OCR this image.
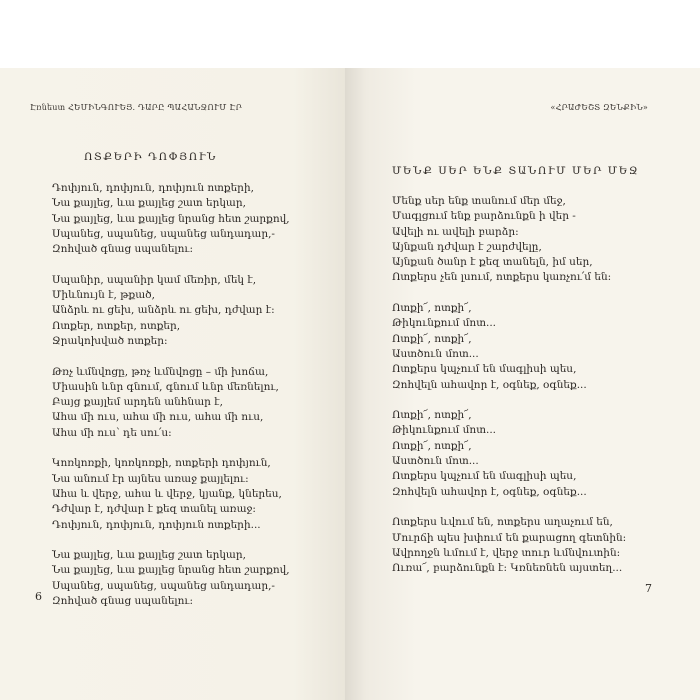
Էռնեստ ՀԵՄԻՆԳՈՒԵՅ. ԴԱՐԸ ՊԱՀԱՆՋՈՒՄ ԷՐ
ՈՏՔԵՐԻ ԴՈՓՅՈՒՆ
Դոփյուն, դոփյուն, դոփյուն ոտքերի,
Նա քայլեց, ևա քայլեց շատ երկար,
Նա քայլեց, ևա քայլեց նրանց հետ շարքով,
Սպանեց, սպանեց, սպանեց անդադար,-
Զոհված գնաց սպանելու:
Սպանիր, սպանիր կամ մեռիր, մեկ է,
Միևնույն է, թքած,
Անձրև ու ցեխ, անձրև ու ցեխ, դժվար է:
Ոտքեր, ոտքեր, ոտքեր,
Ջրակոխված ոտքեր:
Թռչ ևմնվոցը, թռչ ևմնվոցը – մի խոճա,
Միասին ևնր գնում, գնում ևնր մեռնելու,
Բայց քայլեմ արդեն անհնար է,
Ահա մի ուս, ահա մի ուս, ահա մի ուս,
Ահա մի ուս՝ դե սու՛ս:
Կոռկոռքի, կոռկոռքի, ոտքերի դոփյուն,
Նա անում էր այնես առաջ քայլելու:
Ահա և վերջ, ահա և վերջ, կյանք, կներես,
Դժվար է, դժվար է քեզ տանել առաջ:
Դոփյուն, դոփյուն, դոփյուն ոտքերի...
Նա քայլեց, ևա քայլեց շատ երկար,
Նա քայլեց, ևա քայլեց նրանց հետ շարքով,
Սպանեց, սպանեց, սպանեց անդադար,-
Զոհված գնաց սպանելու:
6
«ՀՐԱԺԵՇՏ ԶԵՆՔԻՆ»
ՄԵՆՔ ՍԵՐ ԵՆՔ ՏԱՆՈՒՄ ՄԵՐ ՄԵՋ
Մենք սեր ենք տանում մեր մեջ,
Մագլցում ենք բարձունքն ի վեր -
Ավելի ու ավելի բարձր:
Այնքան դժվար է շարժվելը,
Այնքան ծանր է քեզ տանելն, իմ սեր,
Ոտքերս չեն լսում, ոտքերս կառչու՛մ են:
Ոտքի՜, ոտքի՜,
Թիկունքում մոտ...
Ոտքի՜, ոտքի՜,
Աստծուն մոտ...
Ոտքերս կպչում են մագլիսի պես,
Զոհվելն ահավոր է, օգնեք, օգնեք...
Ոտքի՜, ոտքի՜,
Թիկունքում մոտ...
Ոտքի՜, ոտքի՜,
Աստծուն մոտ...
Ոտքերս կպչում են մագլիսի պես,
Զոհվելն ահավոր է, օգնեք, օգնեք...
Ոտքերս ևվում են, ոտքերս աղաչում են,
Մուրճի պես խփում են քարացող գետնին:
Ավրողջն ևմում է, վերջ տուր ևմնվուտին:
Ուռա՜, բարձունքն է: Կռնեռնեն այստեղ...
7
